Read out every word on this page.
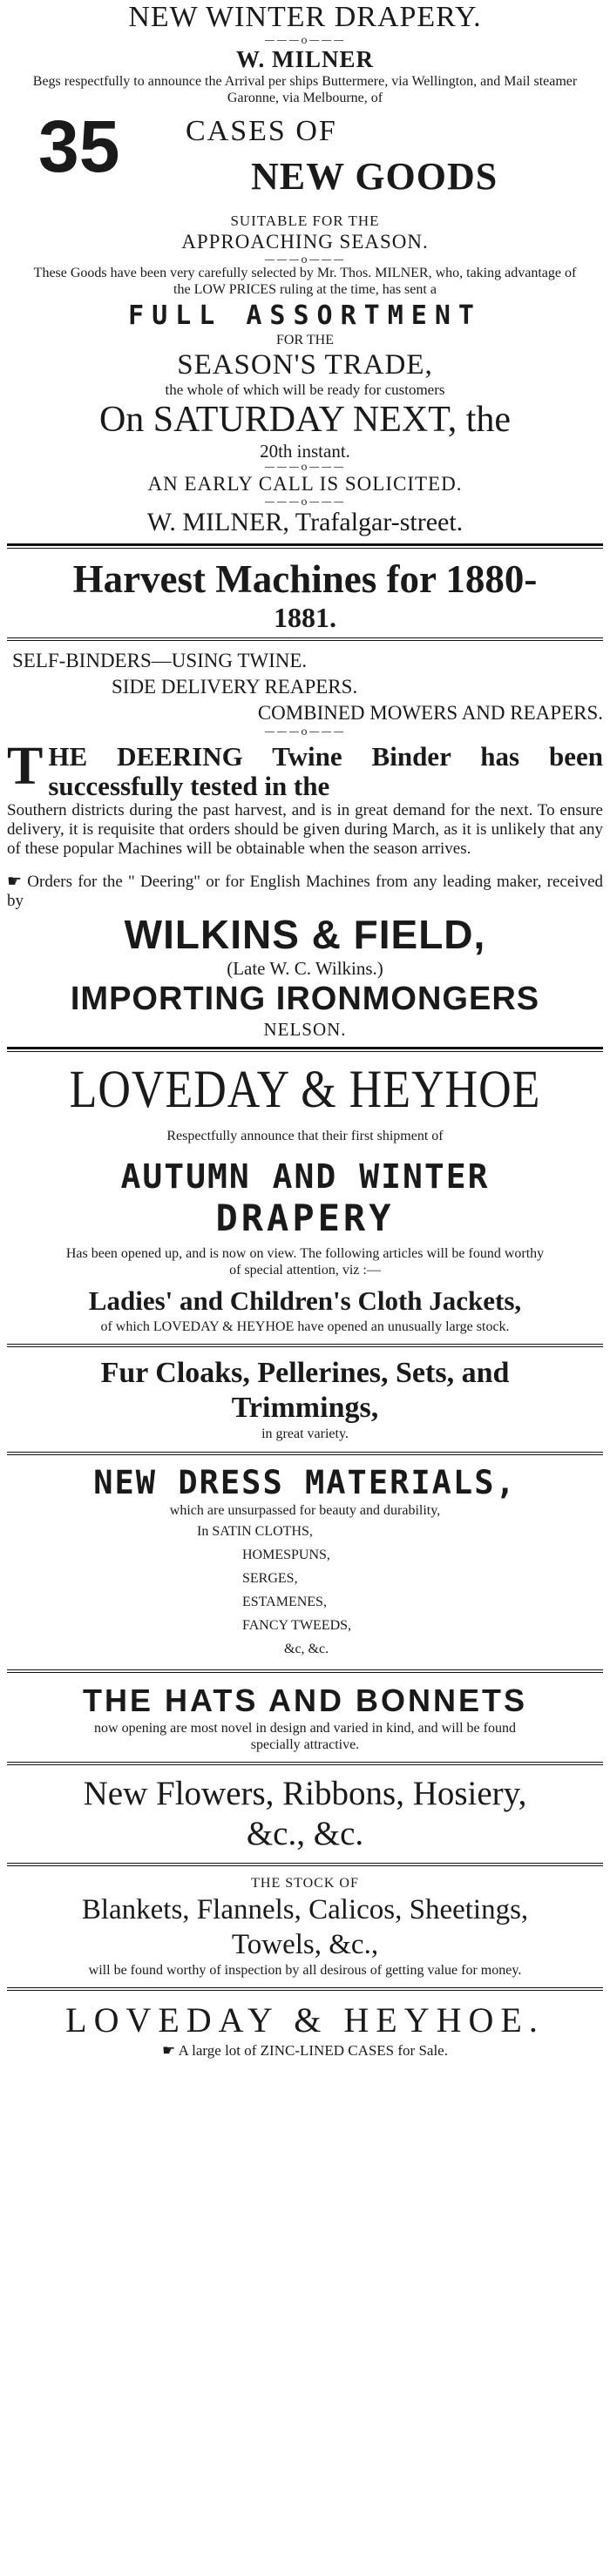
NEW WINTER DRAPERY.
———o———
W. MILNER
Begs respectfully to announce the Arrival per ships Buttermere, via Wellington, and Mail steamer Garonne, via Melbourne, of
35 CASES OF
NEW GOODS
SUITABLE FOR THE
APPROACHING SEASON.
———o———
These Goods have been very carefully selected by Mr. Thos. MILNER, who, taking advantage of the LOW PRICES ruling at the time, has sent a
FULL ASSORTMENT
FOR THE
SEASON'S TRADE,
the whole of which will be ready for customers
On SATURDAY NEXT, the
20th instant.
———o———
AN EARLY CALL IS SOLICITED.
———o———
W. MILNER, Trafalgar-street.
Harvest Machines for 1880-
1881.
SELF-BINDERS—USING TWINE.
SIDE DELIVERY REAPERS.
COMBINED MOWERS AND REAPERS.
———o———
T HE DEERING Twine Binder has been successfully tested in the
Southern districts during the past harvest, and is in great demand for the next. To ensure delivery, it is requisite that orders should be given during March, as it is unlikely that any of these popular Machines will be obtainable when the season arrives.
☛ Orders for the " Deering" or for English Machines from any leading maker, received by
WILKINS & FIELD,
(Late W. C. Wilkins.)
IMPORTING IRONMONGERS
NELSON.
LOVEDAY & HEYHOE
Respectfully announce that their first shipment of
AUTUMN AND WINTER
DRAPERY
Has been opened up, and is now on view. The following articles will be found worthy of special attention, viz :—
Ladies' and Children's Cloth Jackets,
of which LOVEDAY & HEYHOE have opened an unusually large stock.
Fur Cloaks, Pellerines, Sets, and
Trimmings,
in great variety.
NEW DRESS MATERIALS,
which are unsurpassed for beauty and durability,
In SATIN CLOTHS,
HOMESPUNS,
SERGES,
ESTAMENES,
FANCY TWEEDS,
&c, &c.
THE HATS AND BONNETS
now opening are most novel in design and varied in kind, and will be found specially attractive.
New Flowers, Ribbons, Hosiery,
&c., &c.
THE STOCK OF
Blankets, Flannels, Calicos, Sheetings,
Towels, &c.,
will be found worthy of inspection by all desirous of getting value for money.
LOVEDAY & HEYHOE.
☛ A large lot of ZINC-LINED CASES for Sale.
